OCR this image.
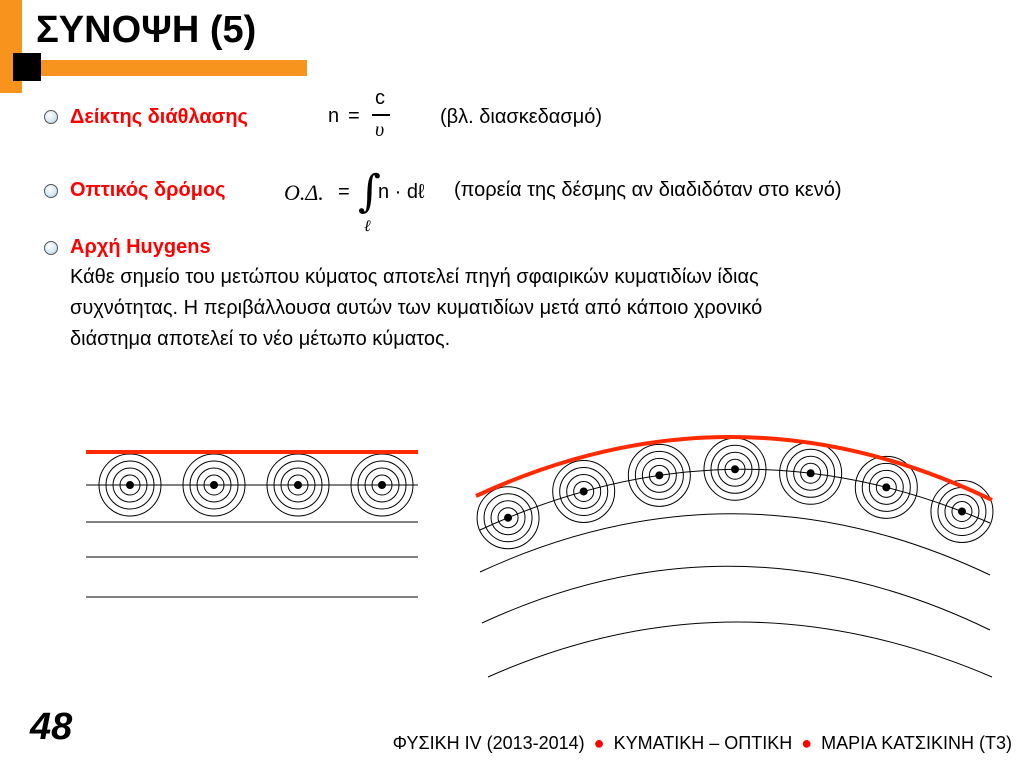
ΣΥΝΟΨΗ (5)
Δείκτης διάθλασης	n =
c
υ
(βλ. διασκεδασμό)
Οπτικός δρόμος	Ο.Δ. = ∫
ℓ
n · dℓ (πορεία της δέσμης αν διαδιδόταν στο κενό)
Αρχή Huygens
Κάθε σημείο του μετώπου κύματος αποτελεί πηγή σφαιρικών κυματιδίων ίδιας
συχνότητας. Η περιβάλλουσα αυτών των κυματιδίων μετά από κάποιο χρονικό
διάστημα αποτελεί το νέο μέτωπο κύματος.
48	ΦΥΣΙΚΗ IV (2013-2014) ● ΚΥΜΑΤΙΚΗ – ΟΠΤΙΚΗ ● ΜΑΡΙΑ ΚΑΤΣΙΚΙΝΗ (Τ3)
